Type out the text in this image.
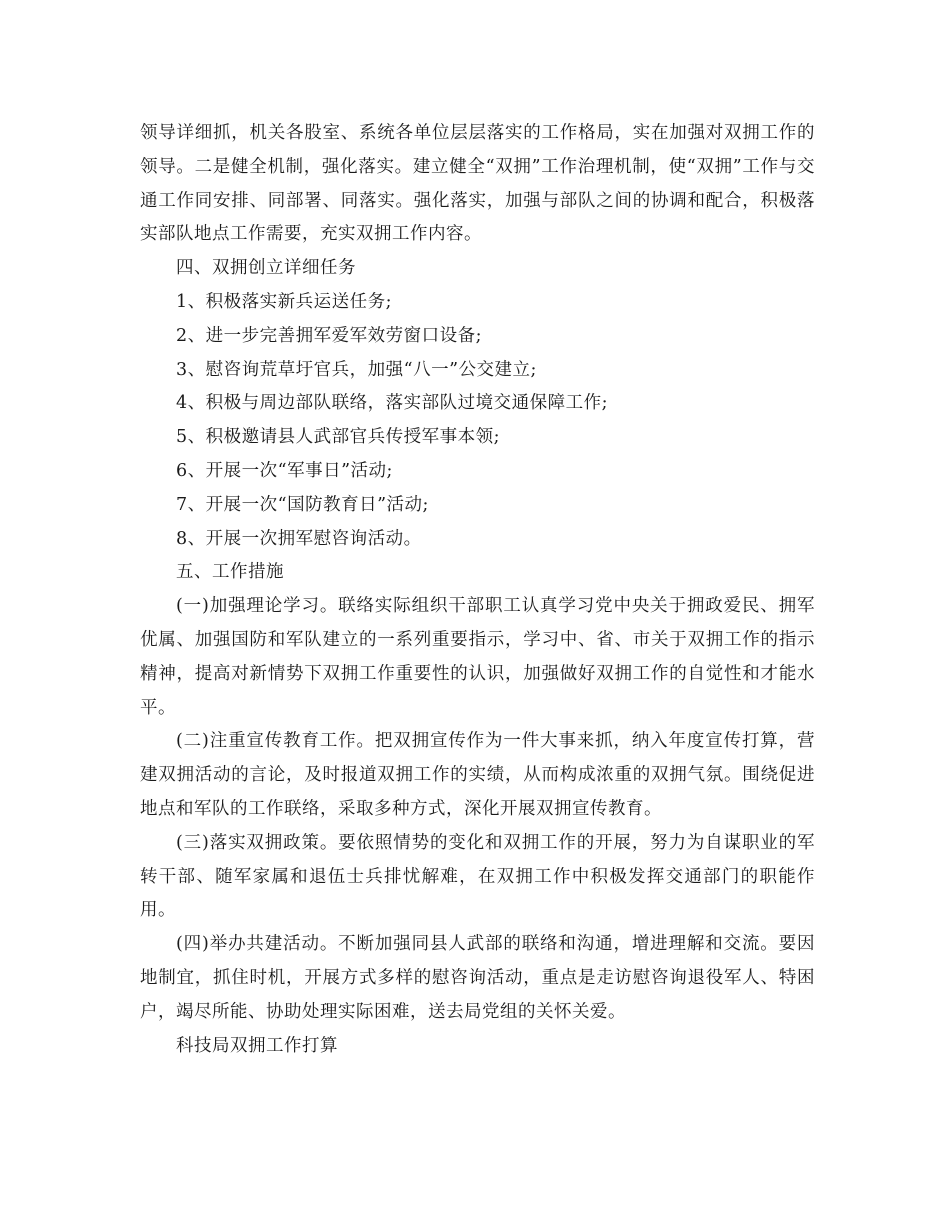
领导详细抓，机关各股室、系统各单位层层落实的工作格局，实在加强对双拥工作的领导。二是健全机制，强化落实。建立健全“双拥”工作治理机制，使“双拥”工作与交通工作同安排、同部署、同落实。强化落实，加强与部队之间的协调和配合，积极落实部队地点工作需要，充实双拥工作内容。

四、双拥创立详细任务

1、积极落实新兵运送任务;

2、进一步完善拥军爱军效劳窗口设备;

3、慰咨询荒草圩官兵，加强“八一”公交建立;

4、积极与周边部队联络，落实部队过境交通保障工作;

5、积极邀请县人武部官兵传授军事本领;

6、开展一次“军事日”活动;

7、开展一次“国防教育日”活动;

8、开展一次拥军慰咨询活动。

五、工作措施

(一)加强理论学习。联络实际组织干部职工认真学习党中央关于拥政爱民、拥军优属、加强国防和军队建立的一系列重要指示，学习中、省、市关于双拥工作的指示精神，提高对新情势下双拥工作重要性的认识，加强做好双拥工作的自觉性和才能水平。

(二)注重宣传教育工作。把双拥宣传作为一件大事来抓，纳入年度宣传打算，营建双拥活动的言论，及时报道双拥工作的实绩，从而构成浓重的双拥气氛。围绕促进地点和军队的工作联络，采取多种方式，深化开展双拥宣传教育。

(三)落实双拥政策。要依照情势的变化和双拥工作的开展，努力为自谋职业的军转干部、随军家属和退伍士兵排忧解难，在双拥工作中积极发挥交通部门的职能作用。

(四)举办共建活动。不断加强同县人武部的联络和沟通，增进理解和交流。要因地制宜，抓住时机，开展方式多样的慰咨询活动，重点是走访慰咨询退役军人、特困户，竭尽所能、协助处理实际困难，送去局党组的关怀关爱。

科技局双拥工作打算
